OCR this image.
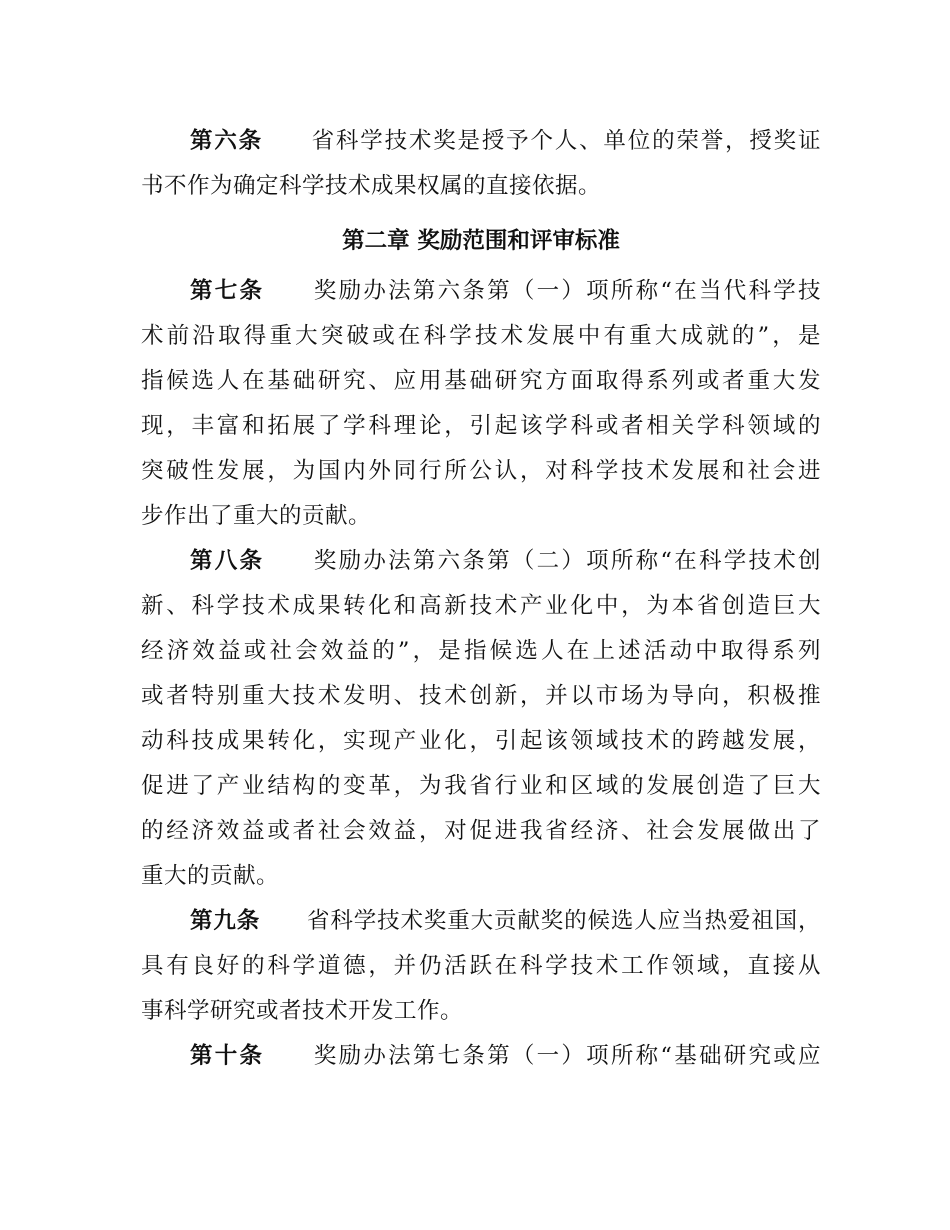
第六条　　 省科学技术奖是授予个人、单位的荣誉，授奖证
书不作为确定科学技术成果权属的直接依据。
第二章 奖励范围和评审标准
第七条　　 奖励办法第六条第（一）项所称“在当代科学技
术前沿取得重大突破或在科学技术发展中有重大成就的”，是
指候选人在基础研究、应用基础研究方面取得系列或者重大发
现，丰富和拓展了学科理论，引起该学科或者相关学科领域的
突破性发展，为国内外同行所公认，对科学技术发展和社会进
步作出了重大的贡献。
第八条　　 奖励办法第六条第（二）项所称“在科学技术创
新、科学技术成果转化和高新技术产业化中，为本省创造巨大
经济效益或社会效益的”，是指候选人在上述活动中取得系列
或者特别重大技术发明、技术创新，并以市场为导向，积极推
动科技成果转化，实现产业化，引起该领域技术的跨越发展，
促进了产业结构的变革，为我省行业和区域的发展创造了巨大
的经济效益或者社会效益，对促进我省经济、社会发展做出了
重大的贡献。
第九条　　 省科学技术奖重大贡献奖的候选人应当热爱祖国，
具有良好的科学道德，并仍活跃在科学技术工作领域，直接从
事科学研究或者技术开发工作。
第十条　　 奖励办法第七条第（一）项所称“基础研究或应
